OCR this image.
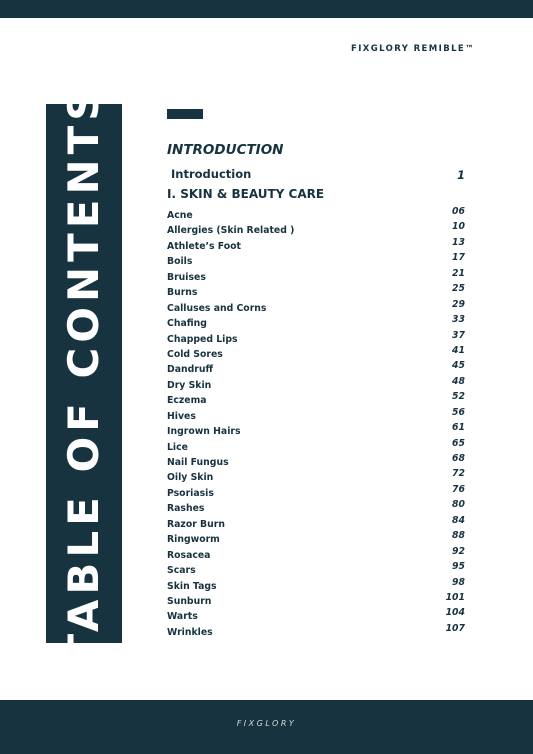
FIXGLORY REMIBLE™
TABLE OF CONTENTS	INTRODUCTION
Introduction	1
I. SKIN & BEAUTY CARE
Acne	06
Allergies (Skin Related )	10
Athlete’s Foot	13
Boils	17
Bruises	21
Burns	25
Calluses and Corns	29
Chafing	33
Chapped Lips	37
Cold Sores	41
Dandruff	45
Dry Skin	48
Eczema	52
Hives	56
Ingrown Hairs	61
Lice	65
Nail Fungus	68
Oily Skin	72
Psoriasis	76
Rashes	80
Razor Burn	84
Ringworm	88
Rosacea	92
Scars	95
Skin Tags	98
Sunburn	101
Warts	104
Wrinkles	107
FIXGLORY
